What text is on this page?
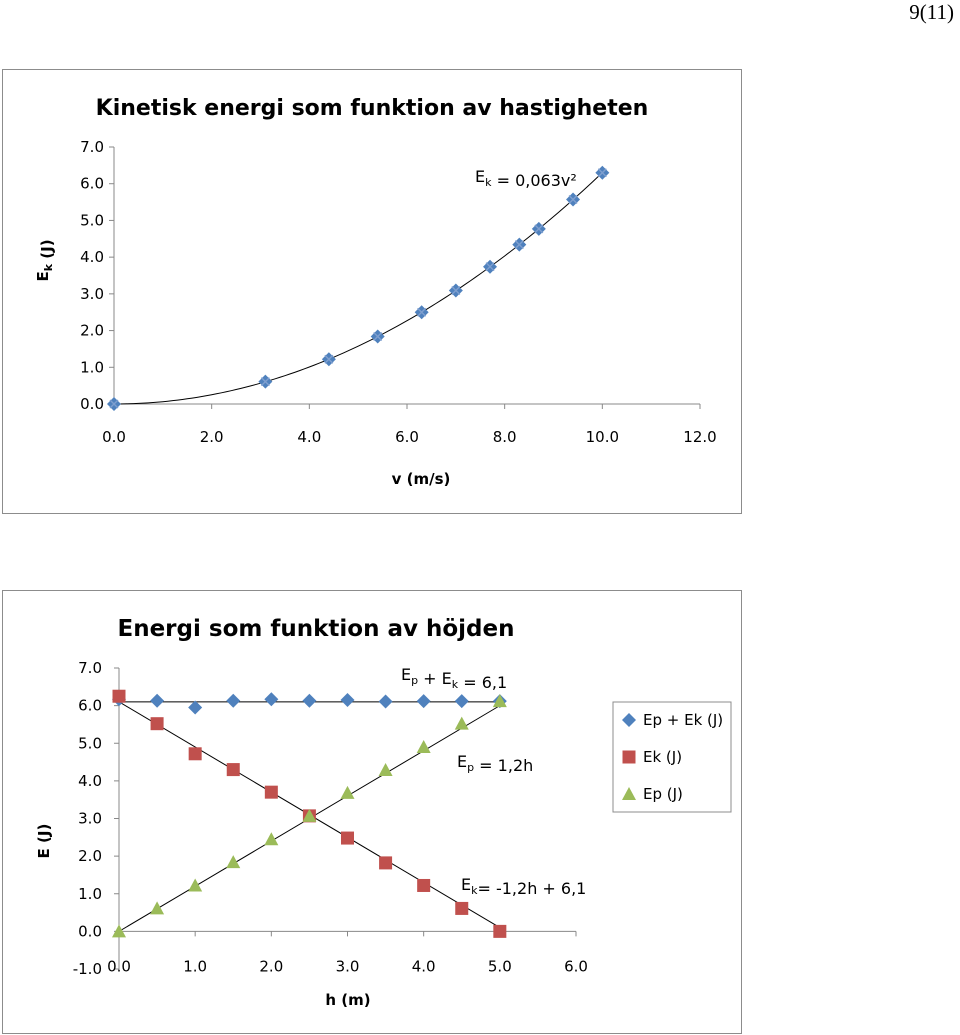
9(11)
Kinetisk energi som funktion av hastigheten
0.0
1.0
2.0
3.0
4.0
5.0
6.0
7.0
0.0	2.0	4.0	6.0	8.0	10.0	12.0
v (m/s)
$E_k$ (J)
$E_k = 0,063v^2$
Energi som funktion av höjden
-1.0
0.0
1.0
2.0
3.0
4.0
5.0
6.0
7.0
0.0	1.0	2.0	3.0	4.0	5.0	6.0
h (m)
E (J)
$E_p + E_k = 6,1$
$E_p = 1,2h$
$E_k= -1,2h + 6,1$
Ep + Ek (J)
Ek (J)
Ep (J)
